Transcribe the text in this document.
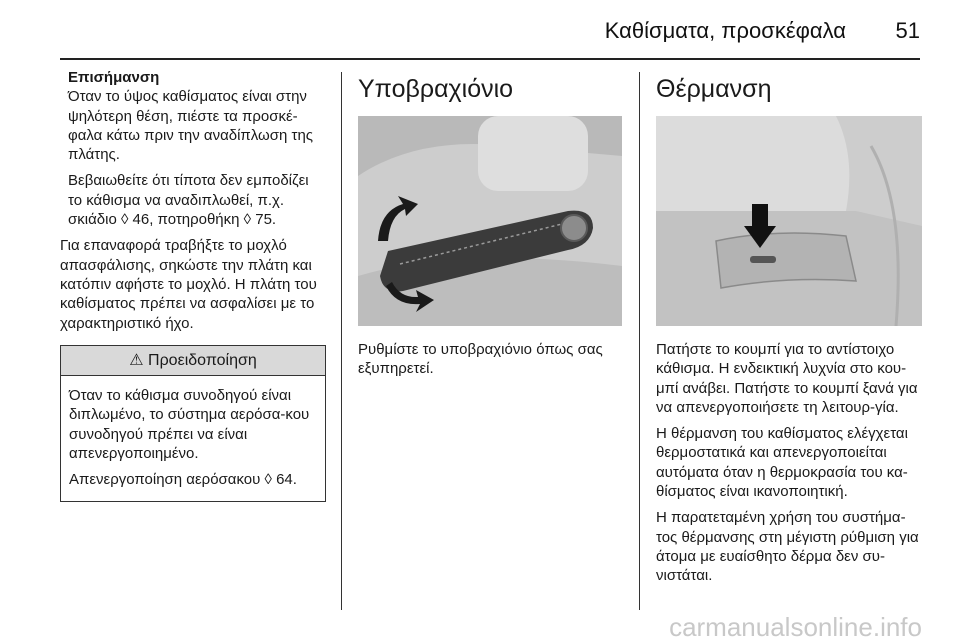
Καθίσματα, προσκέφαλα 51

Επισήμανση

Όταν το ύψος καθίσματος είναι στην ψηλότερη θέση, πιέστε τα προσκέ-φαλα κάτω πριν την αναδίπλωση της πλάτης.

Βεβαιωθείτε ότι τίποτα δεν εμποδίζει το κάθισμα να αναδιπλωθεί, π.χ. σκιάδιο ◊ 46, ποτηροθήκη ◊ 75.

Για επαναφορά τραβήξτε το μοχλό απασφάλισης, σηκώστε την πλάτη και κατόπιν αφήστε το μοχλό. Η πλάτη του καθίσματος πρέπει να ασφαλίσει με το χαρακτηριστικό ήχο.

⚠ Προειδοποίηση

Όταν το κάθισμα συνοδηγού είναι διπλωμένο, το σύστημα αερόσα-κου συνοδηγού πρέπει να είναι απενεργοποιημένο.

Απενεργοποίηση αερόσακου ◊ 64.

Υποβραχιόνιο

Ρυθμίστε το υποβραχιόνιο όπως σας εξυπηρετεί.

Θέρμανση

Πατήστε το κουμπί για το αντίστοιχο κάθισμα. Η ενδεικτική λυχνία στο κου-μπί ανάβει. Πατήστε το κουμπί ξανά για να απενεργοποιήσετε τη λειτουρ-γία.

Η θέρμανση του καθίσματος ελέγχεται θερμοστατικά και απενεργοποιείται αυτόματα όταν η θερμοκρασία του κα-θίσματος είναι ικανοποιητική.

Η παρατεταμένη χρήση του συστήμα-τος θέρμανσης στη μέγιστη ρύθμιση για άτομα με ευαίσθητο δέρμα δεν συ-νιστάται.

carmanualsonline.info
